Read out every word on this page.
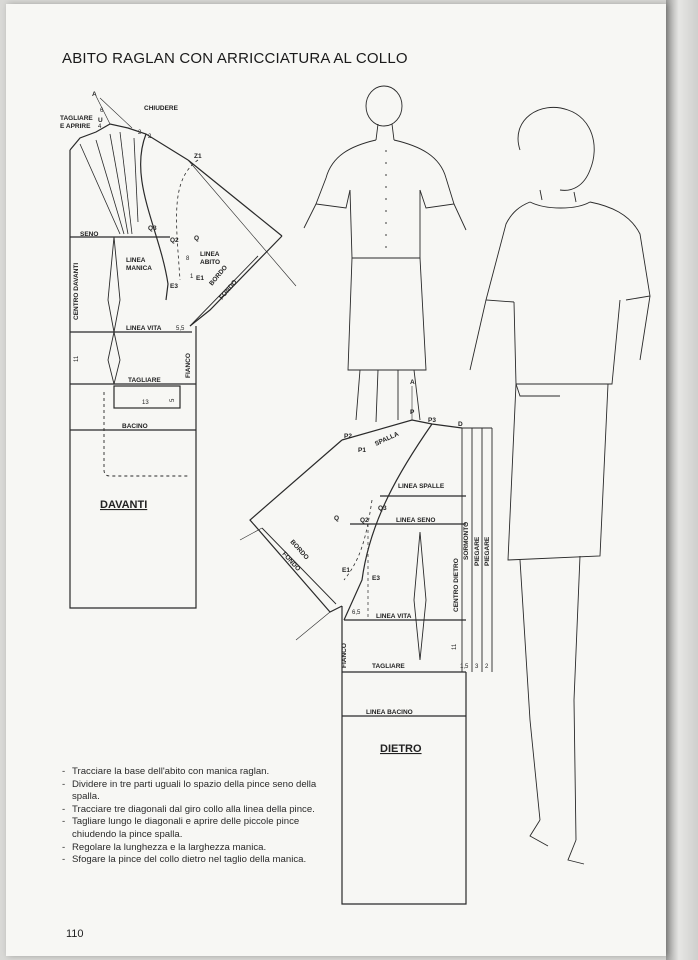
ABITO RAGLAN CON ARRICCIATURA AL COLLO
TAGLIARE
E APRIRE
CHIUDERE
SENO
LINEA
MANICA
LINEA
ABITO
LINEA VITA
TAGLIARE
BACINO
DAVANTI
CENTRO DAVANTI
FIANCO
BORDO
FONDO
A
U
Z1
Q3
Q
Q2
E1
E3
4
6
2
2
8
1
5,5
11
13	5
SPALLA
LINEA SPALLE
LINEA SENO
LINEA VITA
LINEA BACINO
TAGLIARE
DIETRO
CENTRO DIETRO
SORMONTO PIEGARE PIEGARE
FIANCO
BORDO
FONDO
A
P
P1
P2
P3
D
Q	Q2
Q3
E1
E3
6,5
11
1,5 3 2
- Tracciare la base dell'abito con manica raglan.
- Dividere in tre parti uguali lo spazio della pince seno della spalla.
- Tracciare tre diagonali dal giro collo alla linea della pince.
- Tagliare lungo le diagonali e aprire delle piccole pince chiudendo la pince spalla.
- Regolare la lunghezza e la larghezza manica.
- Sfogare la pince del collo dietro nel taglio della manica.
110
